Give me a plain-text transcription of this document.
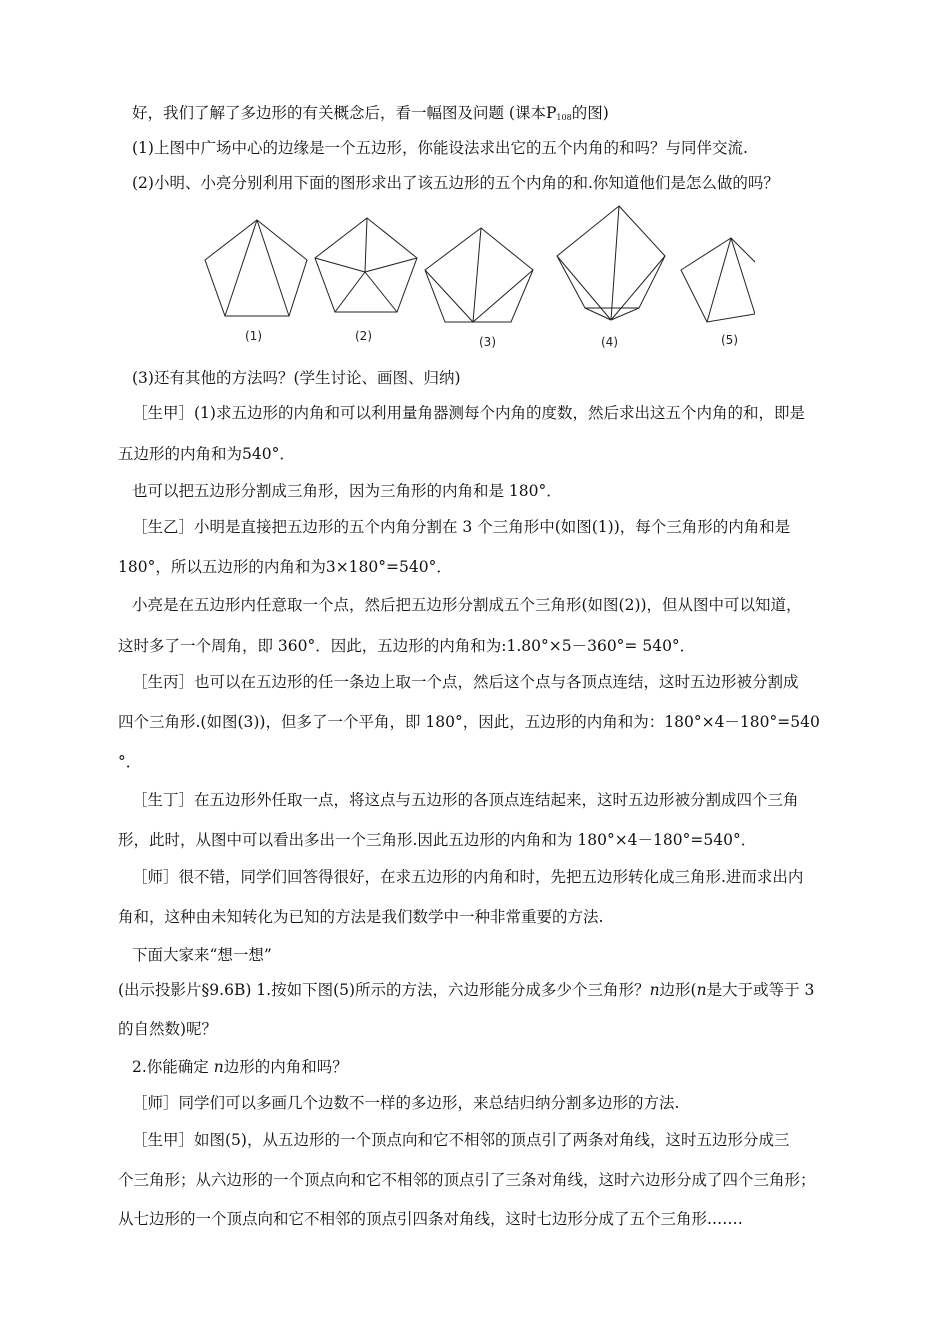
好，我们了解了多边形的有关概念后，看一幅图及问题 (课本$P_{108}$的图)
(1)上图中广场中心的边缘是一个五边形，你能设法求出它的五个内角的和吗？与同伴交流.
(2)小明、小亮分别利用下面的图形求出了该五边形的五个内角的和.你知道他们是怎么做的吗？
(1)	(2)	(3)	(4)	(5)
(3)还有其他的方法吗？(学生讨论、画图、归纳)
［生甲］(1)求五边形的内角和可以利用量角器测每个内角的度数，然后求出这五个内角的和，即是
五边形的内角和为540°．
也可以把五边形分割成三角形，因为三角形的内角和是 180°．
［生乙］小明是直接把五边形的五个内角分割在 3 个三角形中(如图(1))，每个三角形的内角和是
180°，所以五边形的内角和为3×180°=540°．
小亮是在五边形内任意取一个点，然后把五边形分割成五个三角形(如图(2))，但从图中可以知道，
这时多了一个周角，即 360°．因此，五边形的内角和为:1.80°×5－360°= 540°．
［生丙］也可以在五边形的任一条边上取一个点，然后这个点与各顶点连结，这时五边形被分割成
四个三角形.(如图(3))，但多了一个平角，即 180°，因此，五边形的内角和为：180°×4－180°=540
°．
［生丁］在五边形外任取一点，将这点与五边形的各顶点连结起来，这时五边形被分割成四个三角
形，此时，从图中可以看出多出一个三角形.因此五边形的内角和为 180°×4－180°=540°．
［师］很不错，同学们回答得很好，在求五边形的内角和时，先把五边形转化成三角形.进而求出内
角和，这种由未知转化为已知的方法是我们数学中一种非常重要的方法.
下面大家来“想一想”
(出示投影片§9.6B) 1.按如下图(5)所示的方法，六边形能分成多少个三角形？n边形(n是大于或等于 3
的自然数)呢？
2.你能确定 n边形的内角和吗？
［师］同学们可以多画几个边数不一样的多边形，来总结归纳分割多边形的方法.
［生甲］如图(5)，从五边形的一个顶点向和它不相邻的顶点引了两条对角线，这时五边形分成三
个三角形；从六边形的一个顶点向和它不相邻的顶点引了三条对角线，这时六边形分成了四个三角形；
从七边形的一个顶点向和它不相邻的顶点引四条对角线，这时七边形分成了五个三角形.……
